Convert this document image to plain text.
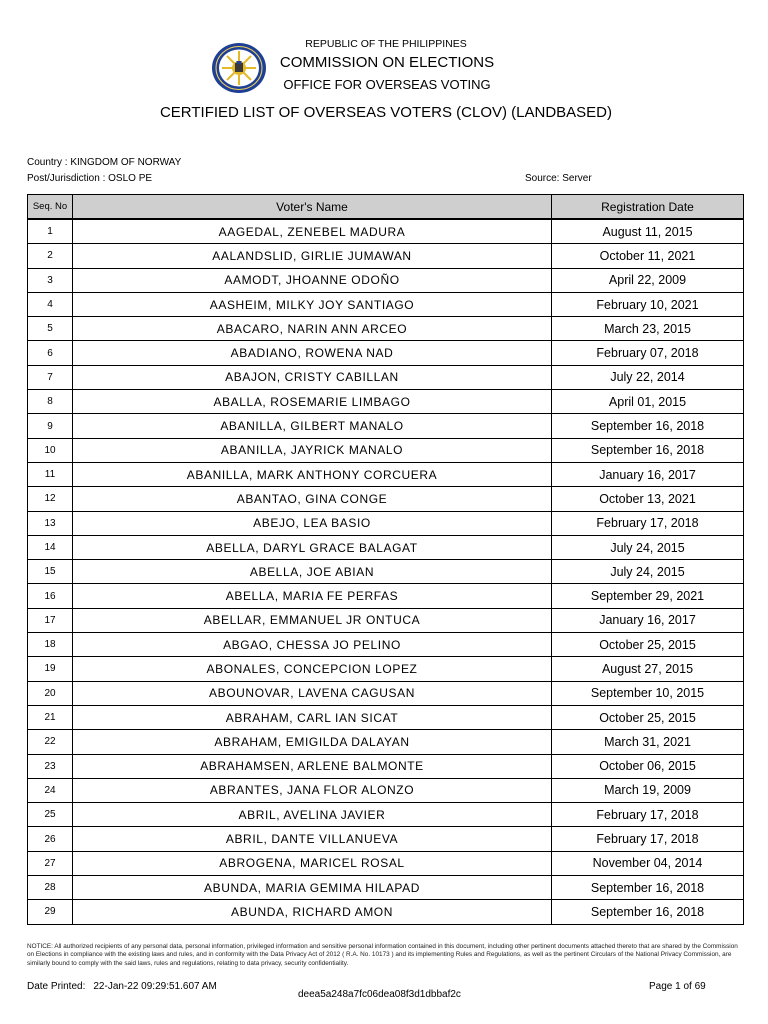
REPUBLIC OF THE PHILIPPINES
COMMISSION ON ELECTIONS
OFFICE FOR OVERSEAS VOTING
CERTIFIED LIST OF OVERSEAS VOTERS (CLOV) (LANDBASED)
Country : KINGDOM OF NORWAY
Post/Jurisdiction : OSLO PE	Source: Server
Seq. No	Voter's Name	Registration Date
1	AAGEDAL, ZENEBEL MADURA	August 11, 2015
2	AALANDSLID, GIRLIE JUMAWAN	October 11, 2021
3	AAMODT, JHOANNE ODOÑO	April 22, 2009
4	AASHEIM, MILKY JOY SANTIAGO	February 10, 2021
5	ABACARO, NARIN ANN ARCEO	March 23, 2015
6	ABADIANO, ROWENA NAD	February 07, 2018
7	ABAJON, CRISTY CABILLAN	July 22, 2014
8	ABALLA, ROSEMARIE LIMBAGO	April 01, 2015
9	ABANILLA, GILBERT MANALO	September 16, 2018
10	ABANILLA, JAYRICK MANALO	September 16, 2018
11	ABANILLA, MARK ANTHONY CORCUERA	January 16, 2017
12	ABANTAO, GINA CONGE	October 13, 2021
13	ABEJO, LEA BASIO	February 17, 2018
14	ABELLA, DARYL GRACE BALAGAT	July 24, 2015
15	ABELLA, JOE ABIAN	July 24, 2015
16	ABELLA, MARIA FE PERFAS	September 29, 2021
17	ABELLAR, EMMANUEL JR ONTUCA	January 16, 2017
18	ABGAO, CHESSA JO PELINO	October 25, 2015
19	ABONALES, CONCEPCION LOPEZ	August 27, 2015
20	ABOUNOVAR, LAVENA CAGUSAN	September 10, 2015
21	ABRAHAM, CARL IAN SICAT	October 25, 2015
22	ABRAHAM, EMIGILDA DALAYAN	March 31, 2021
23	ABRAHAMSEN, ARLENE BALMONTE	October 06, 2015
24	ABRANTES, JANA FLOR ALONZO	March 19, 2009
25	ABRIL, AVELINA JAVIER	February 17, 2018
26	ABRIL, DANTE VILLANUEVA	February 17, 2018
27	ABROGENA, MARICEL ROSAL	November 04, 2014
28	ABUNDA, MARIA GEMIMA HILAPAD	September 16, 2018
29	ABUNDA, RICHARD AMON	September 16, 2018
NOTICE: All authorized recipients of any personal data, personal information, privileged information and sensitive personal information contained in this document, including other pertinent documents attached thereto that are shared by the Commission on Elections in compliance with the existing laws and rules, and in conformity with the Data Privacy Act of 2012 ( R.A. No. 10173 ) and its implementing Rules and Regulations, as well as the pertinent Circulars of the National Privacy Commission, are similarly bound to comply with the said laws, rules and regulations, relating to data privacy, security confidentiality.
Date Printed: 22-Jan-22 09:29:51.607 AM
deea5a248a7fc06dea08f3d1dbbaf2c
Page 1 of 69
